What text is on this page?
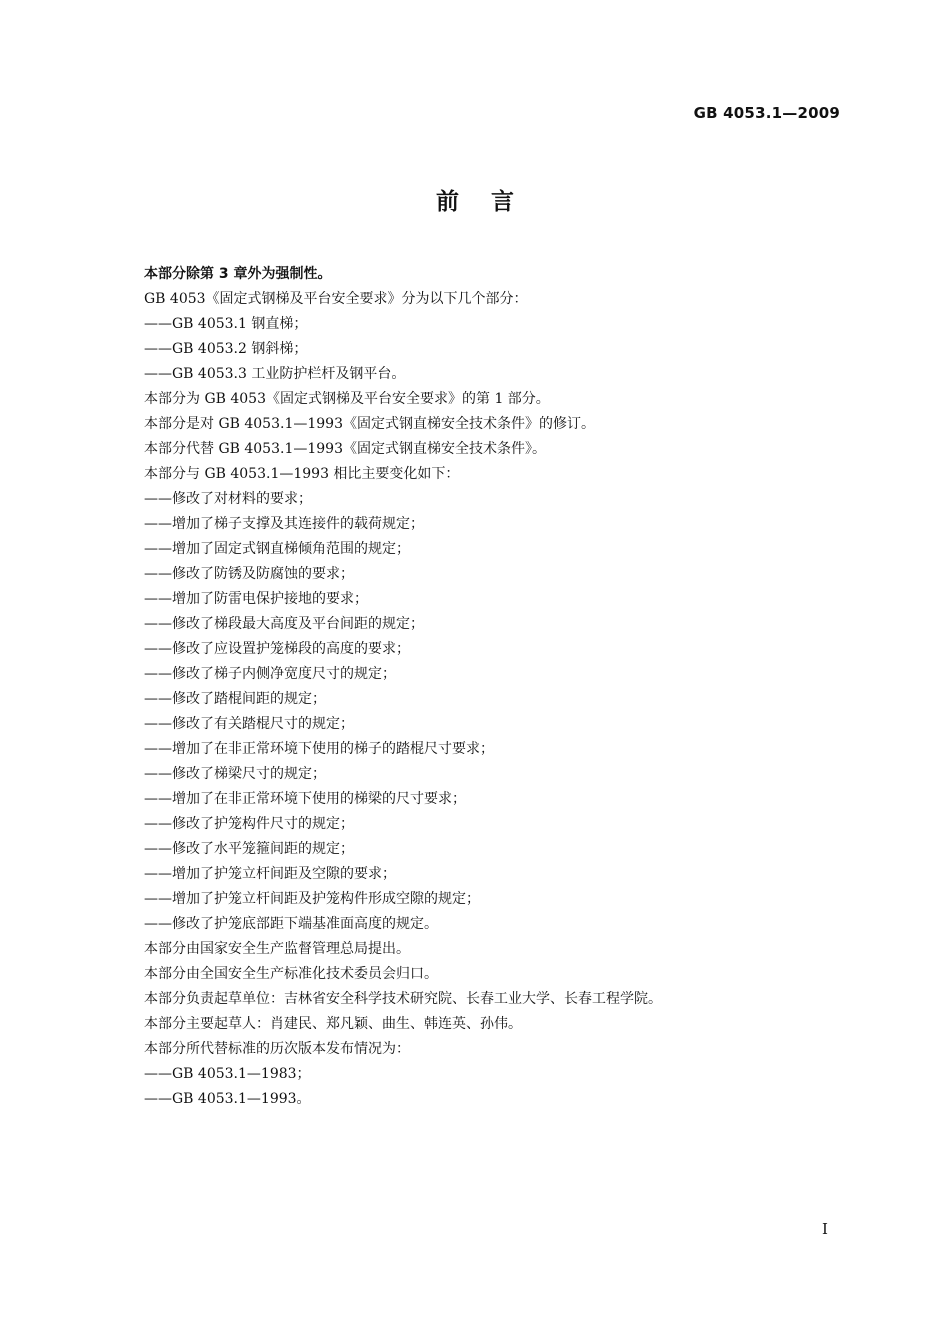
GB 4053.1—2009
前    言
本部分除第 3 章外为强制性。
GB 4053《固定式钢梯及平台安全要求》分为以下几个部分：
——GB 4053.1 钢直梯；
——GB 4053.2 钢斜梯；
——GB 4053.3 工业防护栏杆及钢平台。
本部分为 GB 4053《固定式钢梯及平台安全要求》的第 1 部分。
本部分是对 GB 4053.1—1993《固定式钢直梯安全技术条件》的修订。
本部分代替 GB 4053.1—1993《固定式钢直梯安全技术条件》。
本部分与 GB 4053.1—1993 相比主要变化如下：
——修改了对材料的要求；
——增加了梯子支撑及其连接件的载荷规定；
——增加了固定式钢直梯倾角范围的规定；
——修改了防锈及防腐蚀的要求；
——增加了防雷电保护接地的要求；
——修改了梯段最大高度及平台间距的规定；
——修改了应设置护笼梯段的高度的要求；
——修改了梯子内侧净宽度尺寸的规定；
——修改了踏棍间距的规定；
——修改了有关踏棍尺寸的规定；
——增加了在非正常环境下使用的梯子的踏棍尺寸要求；
——修改了梯梁尺寸的规定；
——增加了在非正常环境下使用的梯梁的尺寸要求；
——修改了护笼构件尺寸的规定；
——修改了水平笼箍间距的规定；
——增加了护笼立杆间距及空隙的要求；
——增加了护笼立杆间距及护笼构件形成空隙的规定；
——修改了护笼底部距下端基准面高度的规定。
本部分由国家安全生产监督管理总局提出。
本部分由全国安全生产标准化技术委员会归口。
本部分负责起草单位：吉林省安全科学技术研究院、长春工业大学、长春工程学院。
本部分主要起草人：肖建民、郑凡颖、曲生、韩连英、孙伟。
本部分所代替标准的历次版本发布情况为：
——GB 4053.1—1983；
——GB 4053.1—1993。
I
